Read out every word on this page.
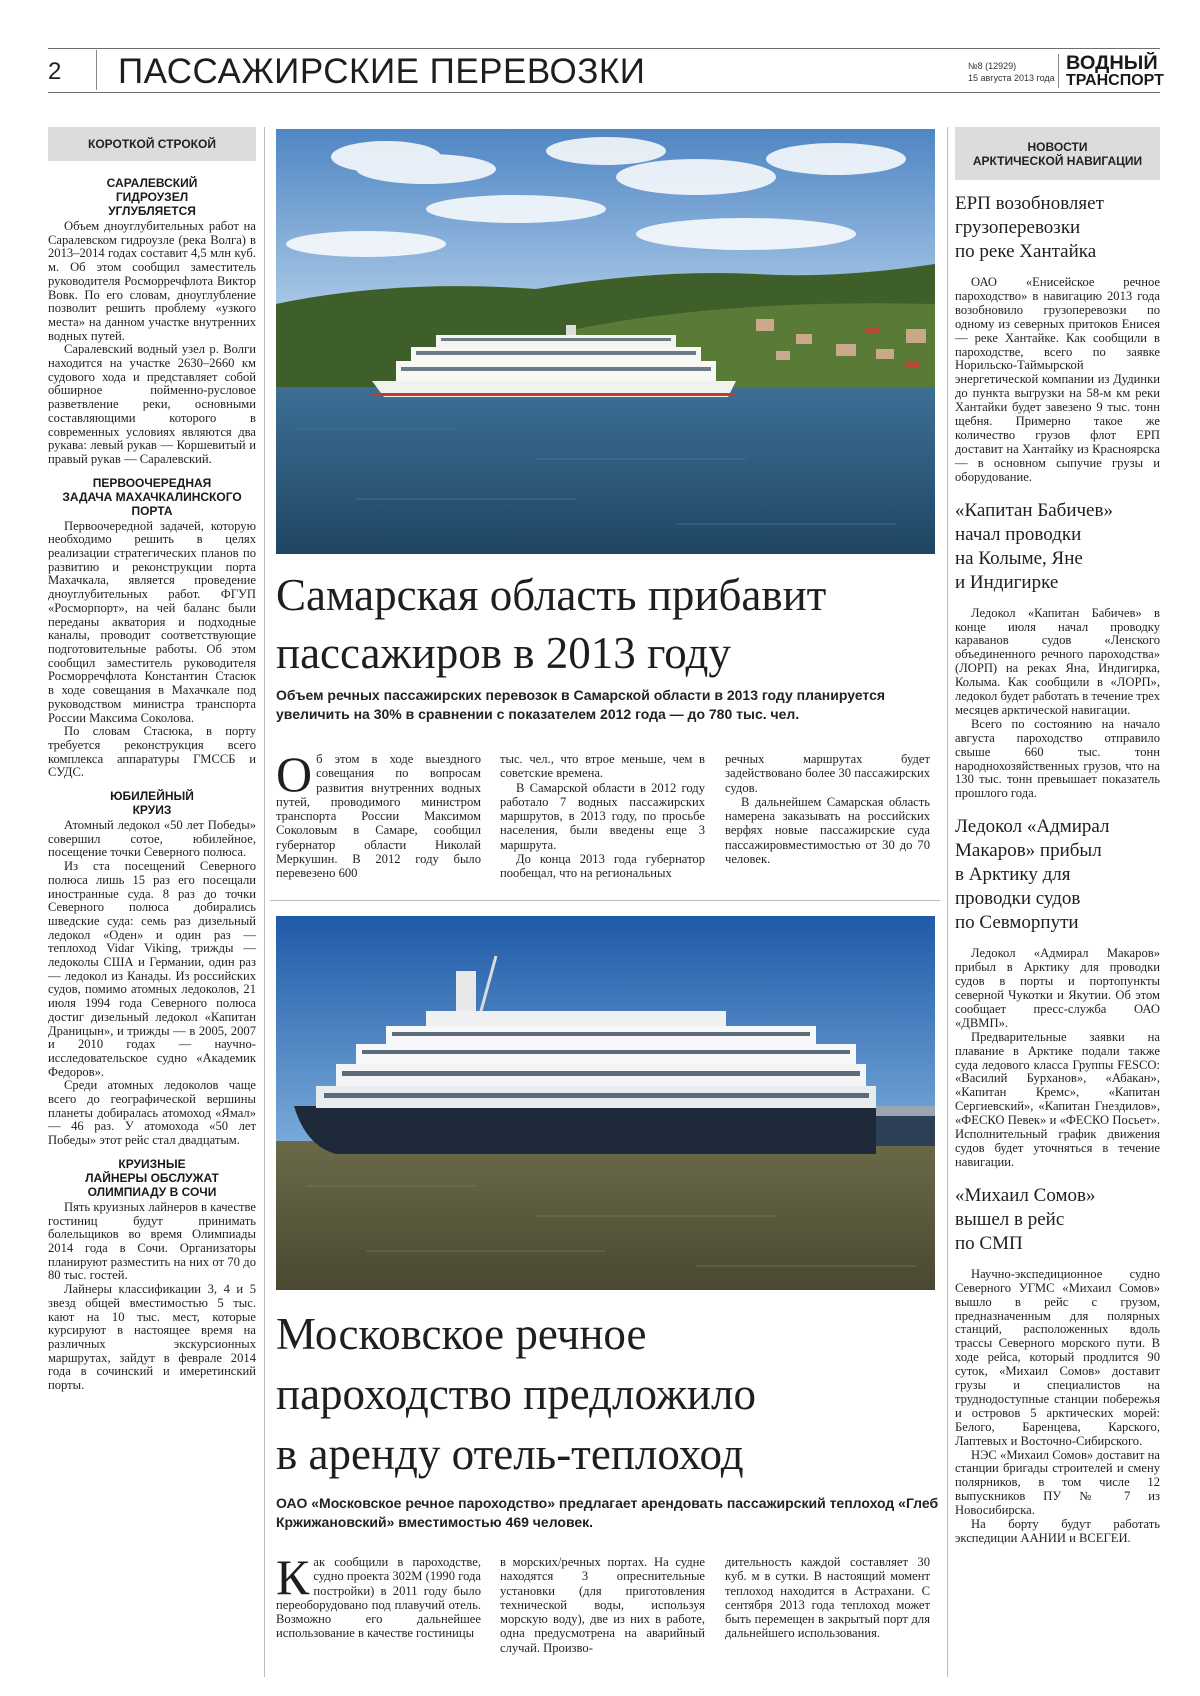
2 ПАССАЖИРСКИЕ ПЕРЕВОЗКИ	№8 (12929)
15 августа 2013 года
ВОДНЫЙ
ТРАНСПОРТ
КОРОТКОЙ СТРОКОЙ
САРАЛЕВСКИЙ
ГИДРОУЗЕЛ
УГЛУБЛЯЕТСЯ

Объем дноуглубительных работ на Саралевском гидроузле (река Волга) в 2013–2014 годах составит 4,5 млн куб. м. Об этом сообщил заместитель руководителя Росморречфлота Виктор Вовк. По его словам, дноуглубление позволит решить проблему «узкого места» на данном участке внутренних водных путей.

Саралевский водный узел р. Волги находится на участке 2630–2660 км судового хода и представляет собой обширное пойменно-русловое разветвление реки, основными составляющими которого в современных условиях являются два рукава: левый рукав — Коршевитый и правый рукав — Саралевский.

ПЕРВООЧЕРЕДНАЯ
ЗАДАЧА МАХАЧКАЛИНСКОГО
ПОРТА

Первоочередной задачей, которую необходимо решить в целях реализации стратегических планов по развитию и реконструкции порта Махачкала, является проведение дноуглубительных работ. ФГУП «Росморпорт», на чей баланс были переданы акватория и подходные каналы, проводит соответствующие подготовительные работы. Об этом сообщил заместитель руководителя Росморречфлота Константин Стасюк в ходе совещания в Махачкале под руководством министра транспорта России Максима Соколова.

По словам Стасюка, в порту требуется реконструкция всего комплекса аппаратуры ГМССБ и СУДС.

ЮБИЛЕЙНЫЙ
КРУИЗ

Атомный ледокол «50 лет Победы» совершил сотое, юбилейное, посещение точки Северного полюса.

Из ста посещений Северного полюса лишь 15 раз его посещали иностранные суда. 8 раз до точки Северного полюса добирались шведские суда: семь раз дизельный ледокол «Оден» и один раз — теплоход Vidar Viking, трижды — ледоколы США и Германии, один раз — ледокол из Канады. Из российских судов, помимо атомных ледоколов, 21 июля 1994 года Северного полюса достиг дизельный ледокол «Капитан Драницын», и трижды — в 2005, 2007 и 2010 годах — научно-исследовательское судно «Академик Федоров».

Среди атомных ледоколов чаще всего до географической вершины планеты добиралась атомоход «Ямал» — 46 раз. У атомохода «50 лет Победы» этот рейс стал двадцатым.

КРУИЗНЫЕ
ЛАЙНЕРЫ ОБСЛУЖАТ
ОЛИМПИАДУ В СОЧИ

Пять круизных лайнеров в качестве гостиниц будут принимать болельщиков во время Олимпиады 2014 года в Сочи. Организаторы планируют разместить на них от 70 до 80 тыс. гостей.

Лайнеры классификации 3, 4 и 5 звезд общей вместимостью 5 тыс. кают на 10 тыс. мест, которые курсируют в настоящее время на различных экскурсионных маршрутах, зайдут в феврале 2014 года в сочинский и имеретинский порты.

Самарская область прибавит
пассажиров в 2013 году

Объем речных пассажирских перевозок в Самарской области в 2013 году планируется увеличить на 30% в сравнении с показателем 2012 года — до 780 тыс. чел.

Об этом в ходе выездного совещания по вопросам развития внутренних водных путей, проводимого министром транспорта России Максимом Соколовым в Самаре, сообщил губернатор области Николай Меркушин. В 2012 году было перевезено 600

тыс. чел., что втрое меньше, чем в советские времена.

В Самарской области в 2012 году работало 7 водных пассажирских маршрутов, в 2013 году, по просьбе населения, были введены еще 3 маршрута.

До конца 2013 года губернатор пообещал, что на региональных

речных маршрутах будет задействовано более 30 пассажирских судов.

В дальнейшем Самарская область намерена заказывать на российских верфях новые пассажирские суда пассажировместимостью от 30 до 70 человек.

Московское речное
пароходство предложило
в аренду отель-теплоход

ОАО «Московское речное пароходство» предлагает арендовать пассажирский теплоход «Глеб Кржижановский» вместимостью 469 человек.

Как сообщили в пароходстве, судно проекта 302М (1990 года постройки) в 2011 году было переоборудовано под плавучий отель. Возможно его дальнейшее использование в качестве гостиницы

в морских/речных портах. На судне находятся 3 опреснительные установки (для приготовления технической воды, используя морскую воду), две из них в работе, одна предусмотрена на аварийный случай. Произво-

дительность каждой составляет 30 куб. м в сутки. В настоящий момент теплоход находится в Астрахани. С сентября 2013 года теплоход может быть перемещен в закрытый порт для дальнейшего использования.

НОВОСТИ
АРКТИЧЕСКОЙ НАВИГАЦИИ
ЕРП возобновляет
грузоперевозки
по реке Хантайка

ОАО «Енисейское речное пароходство» в навигацию 2013 года возобновило грузоперевозки по одному из северных притоков Енисея — реке Хантайке. Как сообщили в пароходстве, всего по заявке Норильско-Таймырской энергетической компании из Дудинки до пункта выгрузки на 58-м км реки Хантайки будет завезено 9 тыс. тонн щебня. Примерно такое же количество грузов флот ЕРП доставит на Хантайку из Красноярска — в основном сыпучие грузы и оборудование.

«Капитан Бабичев»
начал проводки
на Колыме, Яне
и Индигирке

Ледокол «Капитан Бабичев» в конце июля начал проводку караванов судов «Ленского объединенного речного пароходства» (ЛОРП) на реках Яна, Индигирка, Колыма. Как сообщили в «ЛОРП», ледокол будет работать в течение трех месяцев арктической навигации.

Всего по состоянию на начало августа пароходство отправило свыше 660 тыс. тонн народнохозяйственных грузов, что на 130 тыс. тонн превышает показатель прошлого года.

Ледокол «Адмирал
Макаров» прибыл
в Арктику для
проводки судов
по Севморпути

Ледокол «Адмирал Макаров» прибыл в Арктику для проводки судов в порты и портопункты северной Чукотки и Якутии. Об этом сообщает пресс-служба ОАО «ДВМП».

Предварительные заявки на плавание в Арктике подали также суда ледового класса Группы FESCO: «Василий Бурханов», «Абакан», «Капитан Кремс», «Капитан Сергиевский», «Капитан Гнездилов», «ФЕСКО Певек» и «ФЕСКО Посьет». Исполнительный график движения судов будет уточняться в течение навигации.

«Михаил Сомов»
вышел в рейс
по СМП

Научно-экспедиционное судно Северного УГМС «Михаил Сомов» вышло в рейс с грузом, предназначенным для полярных станций, расположенных вдоль трассы Северного морского пути. В ходе рейса, который продлится 90 суток, «Михаил Сомов» доставит грузы и специалистов на труднодоступные станции побережья и островов 5 арктических морей: Белого, Баренцева, Карского, Лаптевых и Восточно-Сибирского.

НЭС «Михаил Сомов» доставит на станции бригады строителей и смену полярников, в том числе 12 выпускников ПУ № 7 из Новосибирска.

На борту будут работать экспедиции ААНИИ и ВСЕГЕИ.
